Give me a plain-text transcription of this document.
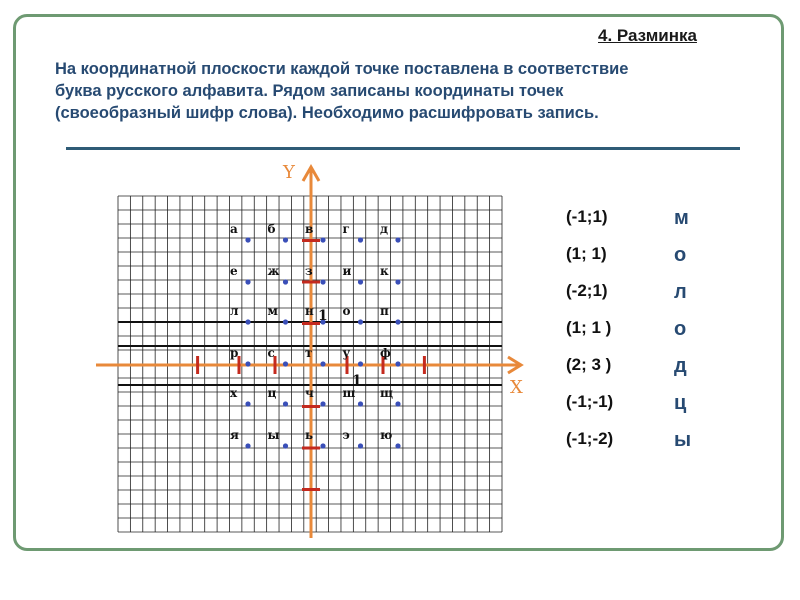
4. Разминка

На координатной плоскости каждой точке поставлена в соответствие
буква русского алфавита. Рядом записаны координаты точек
(своеобразный шифр слова). Необходимо расшифровать запись.

а б в г	д
е ж з и к
л м н о п
р с	т	у ф
х	ц ч ш щ
я ы ь э	ю
Y
X
1
1
(-1;1)	м
(1; 1)	о
(-2;1)	л
(1; 1 )	о
(2; 3 )	д
(-1;-1)	ц
(-1;-2)	ы
